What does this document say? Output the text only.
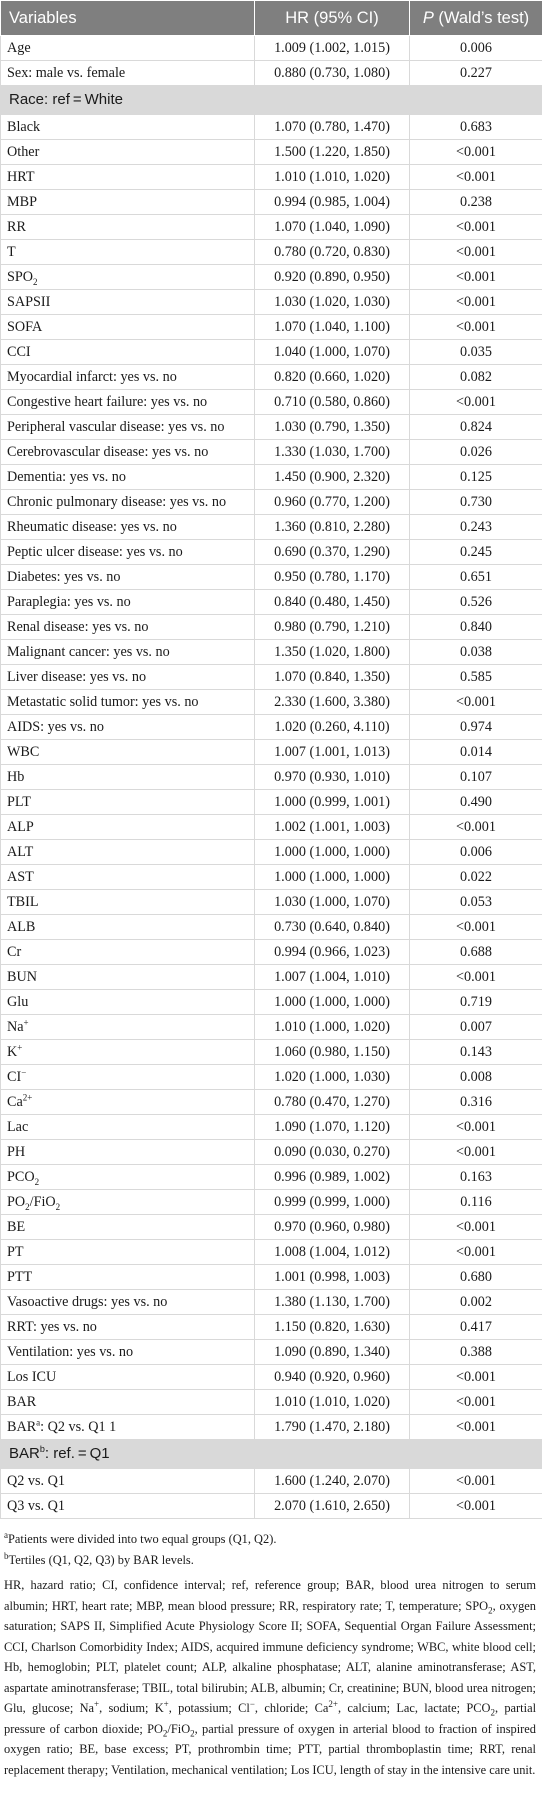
Variables	HR (95% CI)	P (Wald’s test)
Age	1.009 (1.002, 1.015)	0.006
Sex: male vs. female	0.880 (0.730, 1.080)	0.227
Race: ref = White		
Black	1.070 (0.780, 1.470)	0.683
Other	1.500 (1.220, 1.850)	<0.001
HRT	1.010 (1.010, 1.020)	<0.001
MBP	0.994 (0.985, 1.004)	0.238
RR	1.070 (1.040, 1.090)	<0.001
T	0.780 (0.720, 0.830)	<0.001
$SPO_2$	0.920 (0.890, 0.950)	<0.001
SAPSII	1.030 (1.020, 1.030)	<0.001
SOFA	1.070 (1.040, 1.100)	<0.001
CCI	1.040 (1.000, 1.070)	0.035
Myocardial infarct: yes vs. no	0.820 (0.660, 1.020)	0.082
Congestive heart failure: yes vs. no	0.710 (0.580, 0.860)	<0.001
Peripheral vascular disease: yes vs. no	1.030 (0.790, 1.350)	0.824
Cerebrovascular disease: yes vs. no	1.330 (1.030, 1.700)	0.026
Dementia: yes vs. no	1.450 (0.900, 2.320)	0.125
Chronic pulmonary disease: yes vs. no	0.960 (0.770, 1.200)	0.730
Rheumatic disease: yes vs. no	1.360 (0.810, 2.280)	0.243
Peptic ulcer disease: yes vs. no	0.690 (0.370, 1.290)	0.245
Diabetes: yes vs. no	0.950 (0.780, 1.170)	0.651
Paraplegia: yes vs. no	0.840 (0.480, 1.450)	0.526
Renal disease: yes vs. no	0.980 (0.790, 1.210)	0.840
Malignant cancer: yes vs. no	1.350 (1.020, 1.800)	0.038
Liver disease: yes vs. no	1.070 (0.840, 1.350)	0.585
Metastatic solid tumor: yes vs. no	2.330 (1.600, 3.380)	<0.001
AIDS: yes vs. no	1.020 (0.260, 4.110)	0.974
WBC	1.007 (1.001, 1.013)	0.014
Hb	0.970 (0.930, 1.010)	0.107
PLT	1.000 (0.999, 1.001)	0.490
ALP	1.002 (1.001, 1.003)	<0.001
ALT	1.000 (1.000, 1.000)	0.006
AST	1.000 (1.000, 1.000)	0.022
TBIL	1.030 (1.000, 1.070)	0.053
ALB	0.730 (0.640, 0.840)	<0.001
Cr	0.994 (0.966, 1.023)	0.688
BUN	1.007 (1.004, 1.010)	<0.001
Glu	1.000 (1.000, 1.000)	0.719
Na+	1.010 (1.000, 1.020)	0.007
K+	1.060 (0.980, 1.150)	0.143
CI−	1.020 (1.000, 1.030)	0.008
$Ca^{2+}$	0.780 (0.470, 1.270)	0.316
Lac	1.090 (1.070, 1.120)	<0.001
PH	0.090 (0.030, 0.270)	<0.001
$PCO_2$	0.996 (0.989, 1.002)	0.163
$PO_2/FiO_2$	0.999 (0.999, 1.000)	0.116
BE	0.970 (0.960, 0.980)	<0.001
PT	1.008 (1.004, 1.012)	<0.001
PTT	1.001 (0.998, 1.003)	0.680
Vasoactive drugs: yes vs. no	1.380 (1.130, 1.700)	0.002
RRT: yes vs. no	1.150 (0.820, 1.630)	0.417
Ventilation: yes vs. no	1.090 (0.890, 1.340)	0.388
Los ICU	0.940 (0.920, 0.960)	<0.001
BAR	1.010 (1.010, 1.020)	<0.001
BAR$^a$: Q2 vs. Q1 1	1.790 (1.470, 2.180)	<0.001
BAR$^b$: ref. = Q1		
Q2 vs. Q1	1.600 (1.240, 2.070)	<0.001
Q3 vs. Q1	2.070 (1.610, 2.650)	<0.001

$^a$Patients were divided into two equal groups (Q1, Q2).

$^b$Tertiles (Q1, Q2, Q3) by BAR levels.

HR, hazard ratio; CI, confidence interval; ref, reference group; BAR, blood urea nitrogen to serum albumin; HRT, heart rate; MBP, mean blood pressure; RR, respiratory rate; T, temperature; $SPO_2$, oxygen saturation; SAPS II, Simplified Acute Physiology Score II; SOFA, Sequential Organ Failure Assessment; CCI, Charlson Comorbidity Index; AIDS, acquired immune deficiency syndrome; WBC, white blood cell; Hb, hemoglobin; PLT, platelet count; ALP, alkaline phosphatase; ALT, alanine aminotransferase; AST, aspartate aminotransferase; TBIL, total bilirubin; ALB, albumin; Cr, creatinine; BUN, blood urea nitrogen; Glu, glucose; Na+, sodium; K+, potassium; Cl−, chloride; $Ca^{2+}$, calcium; Lac, lactate; $PCO_2$, partial pressure of carbon dioxide; $PO_2/FiO_2$, partial pressure of oxygen in arterial blood to fraction of inspired oxygen ratio; BE, base excess; PT, prothrombin time; PTT, partial thromboplastin time; RRT, renal replacement therapy; Ventilation, mechanical ventilation; Los ICU, length of stay in the intensive care unit.
